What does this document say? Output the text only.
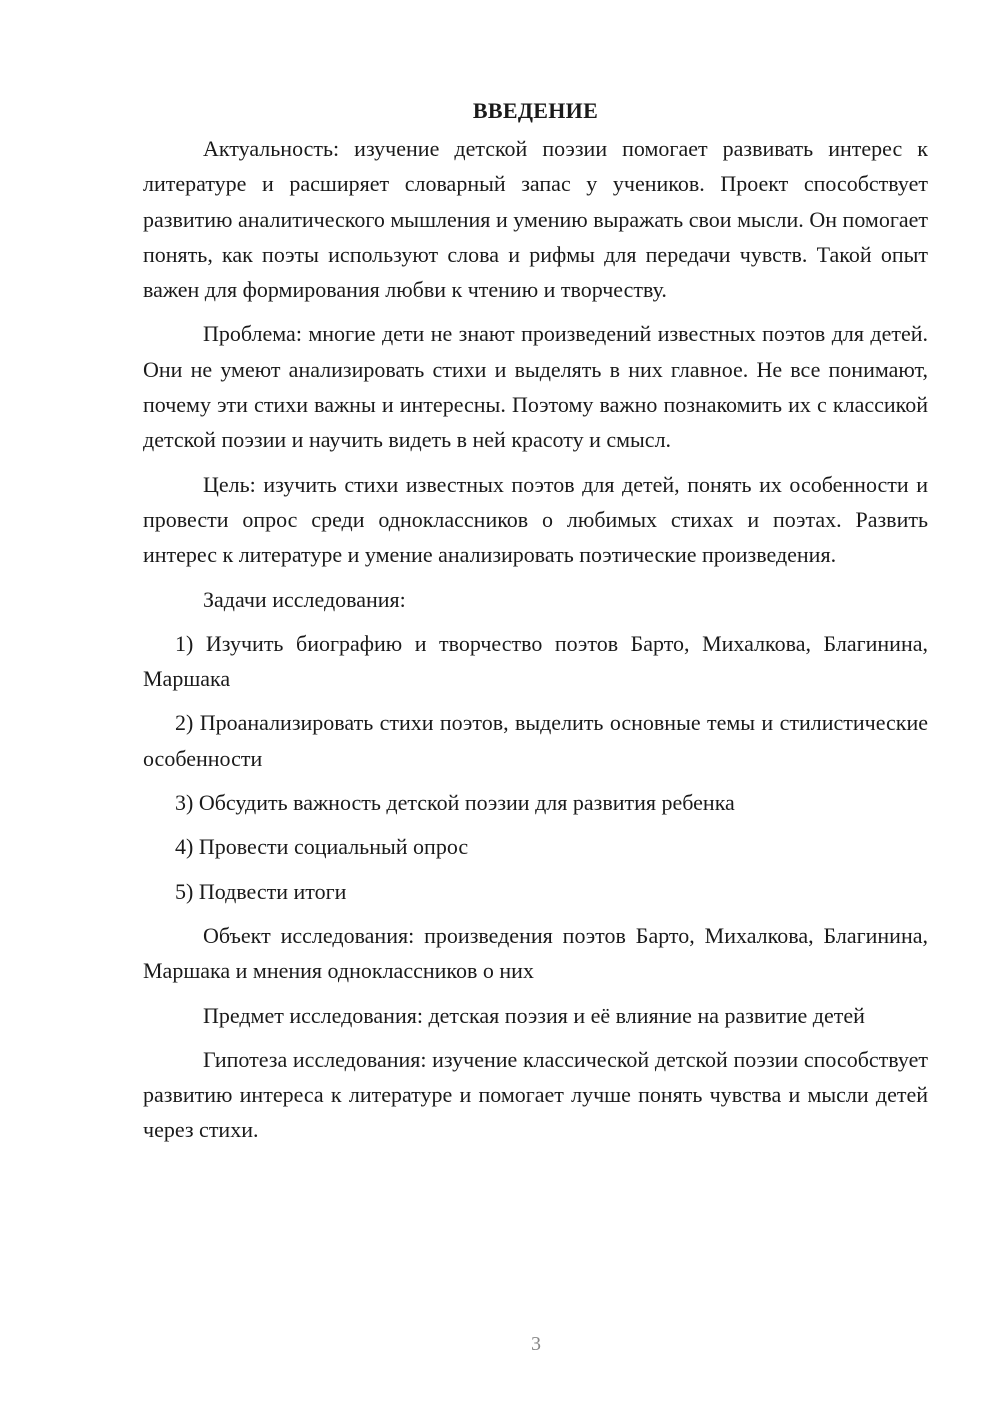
ВВЕДЕНИЕ

Актуальность: изучение детской поэзии помогает развивать интерес к литературе и расширяет словарный запас у учеников. Проект способствует развитию аналитического мышления и умению выражать свои мысли. Он помогает понять, как поэты используют слова и рифмы для передачи чувств. Такой опыт важен для формирования любви к чтению и творчеству.

Проблема: многие дети не знают произведений известных поэтов для детей. Они не умеют анализировать стихи и выделять в них главное. Не все понимают, почему эти стихи важны и интересны. Поэтому важно познакомить их с классикой детской поэзии и научить видеть в ней красоту и смысл.

Цель: изучить стихи известных поэтов для детей, понять их особенности и провести опрос среди одноклассников о любимых стихах и поэтах. Развить интерес к литературе и умение анализировать поэтические произведения.

Задачи исследования:

1) Изучить биографию и творчество поэтов Барто, Михалкова, Благинина, Маршака

2) Проанализировать стихи поэтов, выделить основные темы и стилистические особенности

3) Обсудить важность детской поэзии для развития ребенка

4) Провести социальный опрос

5) Подвести итоги

Объект исследования: произведения поэтов Барто, Михалкова, Благинина, Маршака и мнения одноклассников о них

Предмет исследования: детская поэзия и её влияние на развитие детей

Гипотеза исследования: изучение классической детской поэзии способствует развитию интереса к литературе и помогает лучше понять чувства и мысли детей через стихи.

3
